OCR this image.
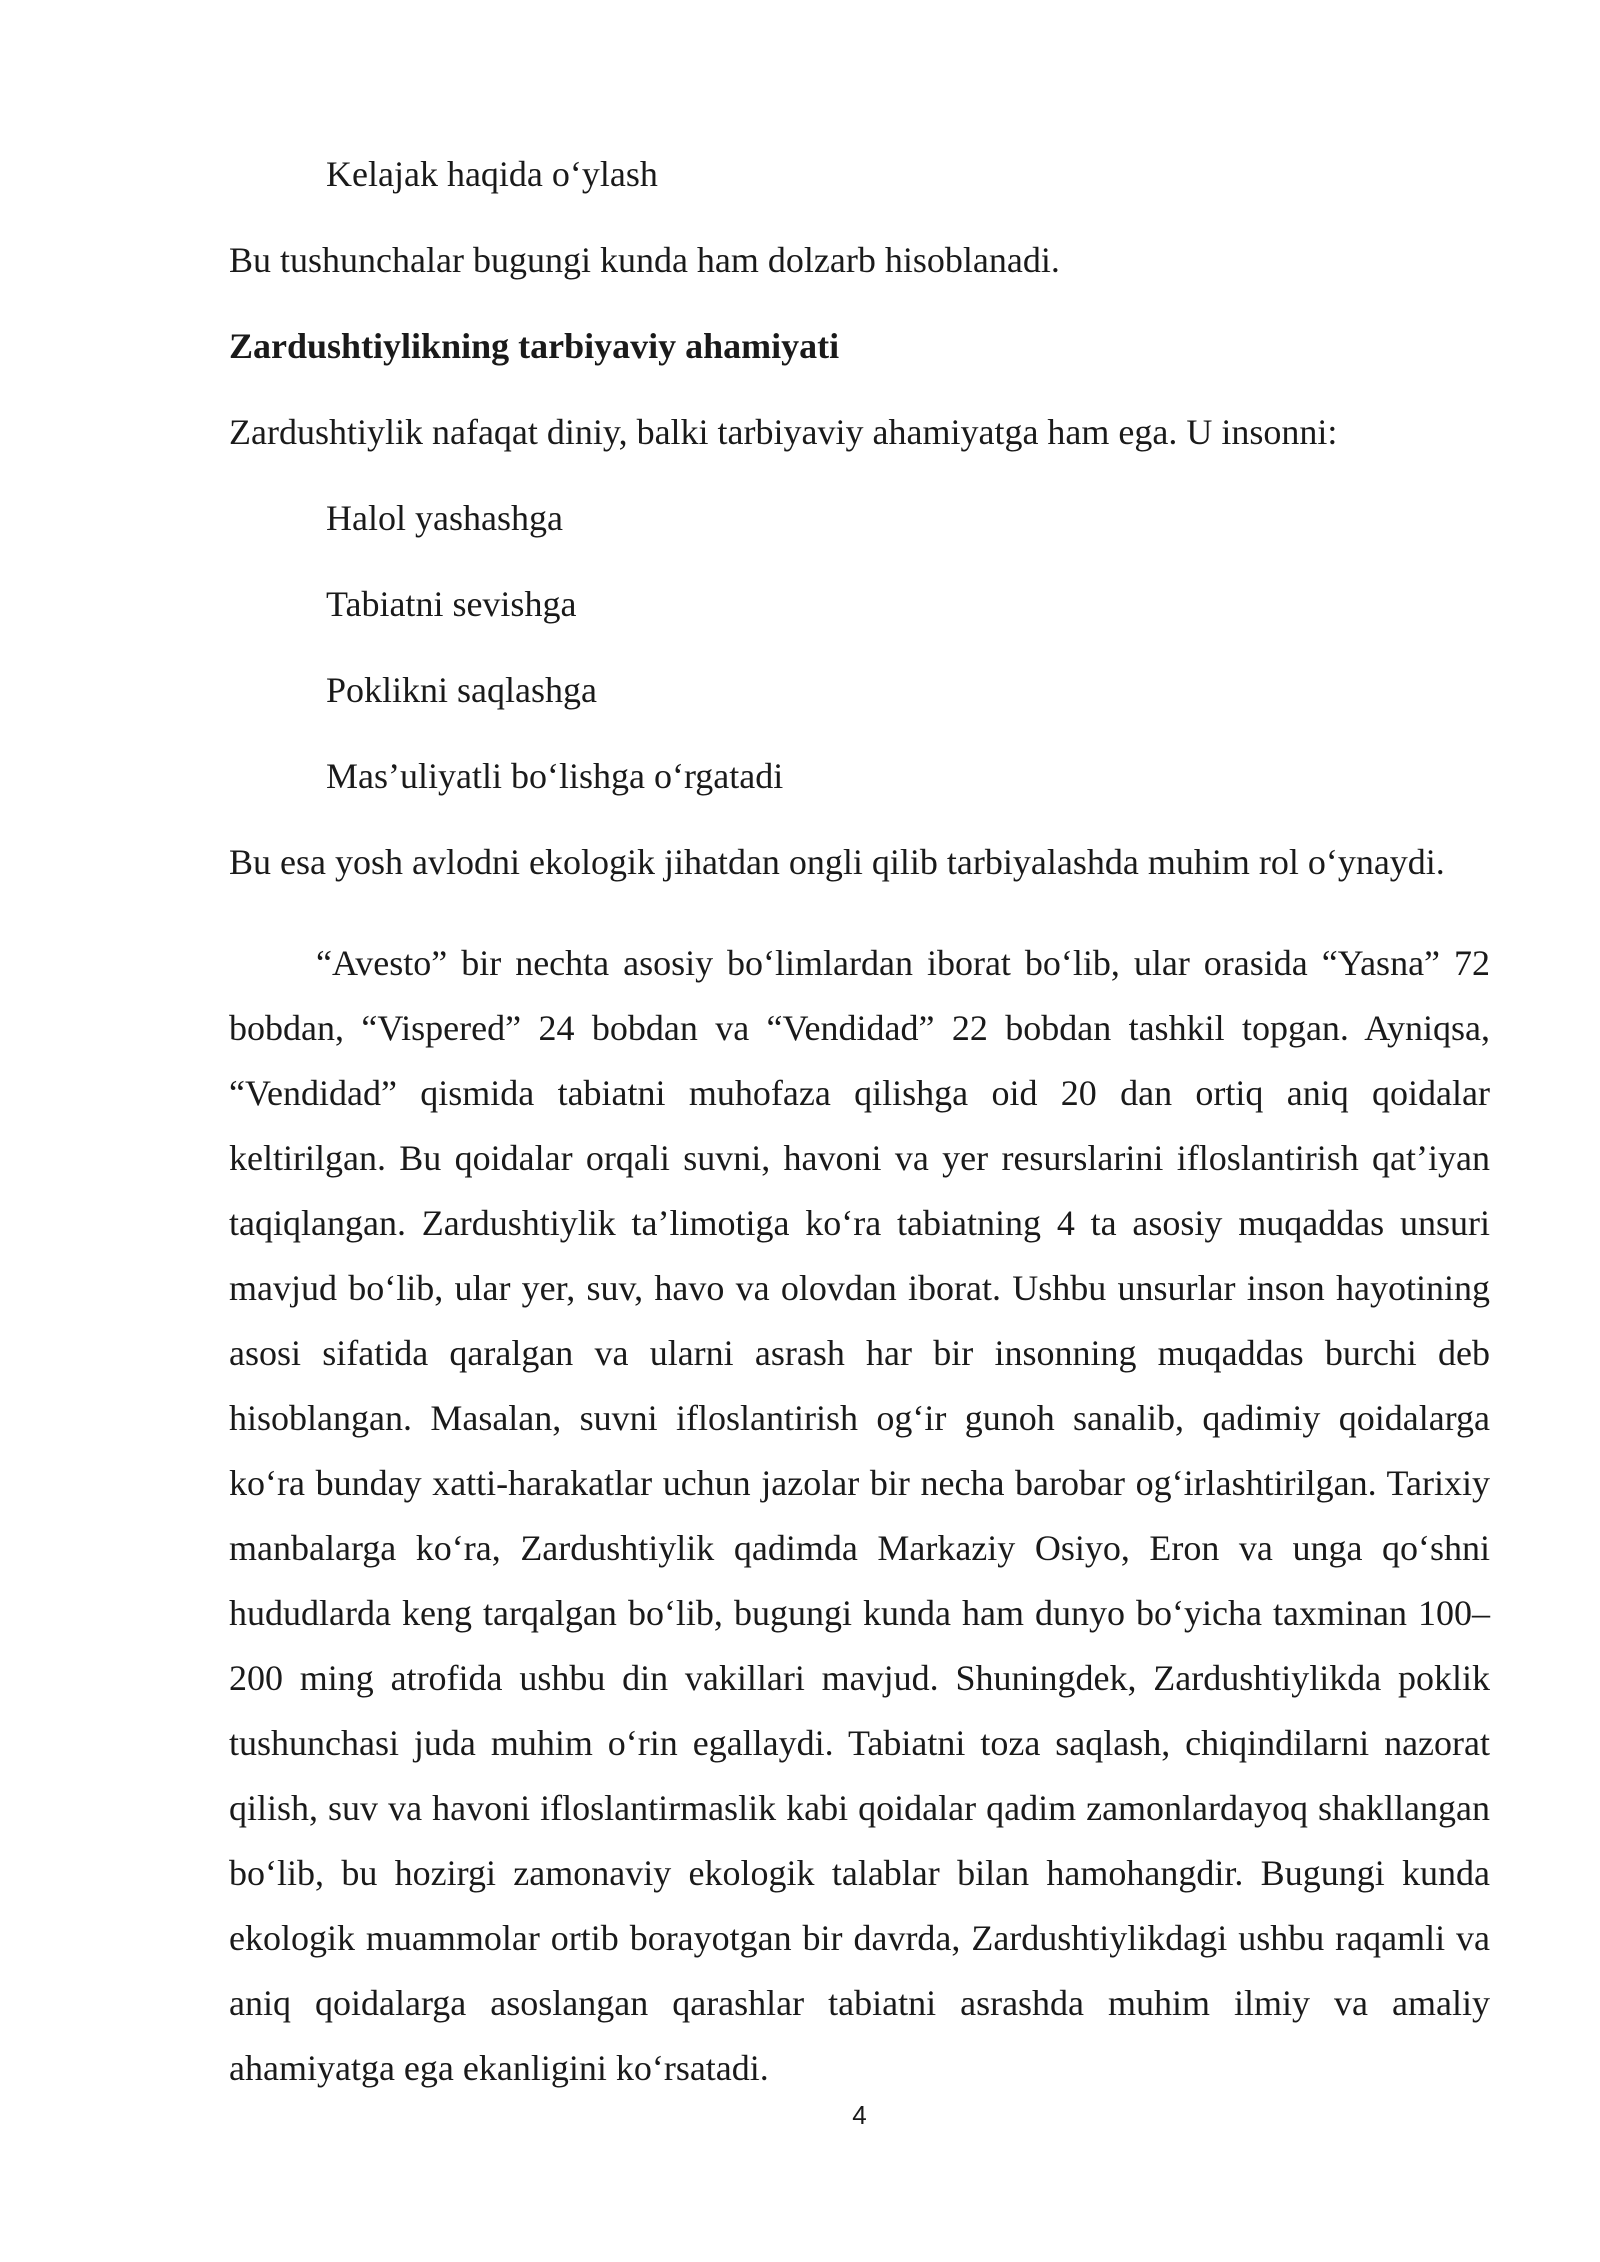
Kelajak haqida o‘ylash
Bu tushunchalar bugungi kunda ham dolzarb hisoblanadi.
Zardushtiylikning tarbiyaviy ahamiyati
Zardushtiylik nafaqat diniy, balki tarbiyaviy ahamiyatga ham ega. U insonni:
Halol yashashga
Tabiatni sevishga
Poklikni saqlashga
Mas’uliyatli bo‘lishga o‘rgatadi
Bu esa yosh avlodni ekologik jihatdan ongli qilib tarbiyalashda muhim rol o‘ynaydi.

“Avesto” bir nechta asosiy bo‘limlardan iborat bo‘lib, ular orasida “Yasna” 72 bobdan, “Vispered” 24 bobdan va “Vendidad” 22 bobdan tashkil topgan. Ayniqsa, “Vendidad” qismida tabiatni muhofaza qilishga oid 20 dan ortiq aniq qoidalar keltirilgan. Bu qoidalar orqali suvni, havoni va yer resurslarini ifloslantirish qat’iyan taqiqlangan. Zardushtiylik ta’limotiga ko‘ra tabiatning 4 ta asosiy muqaddas unsuri mavjud bo‘lib, ular yer, suv, havo va olovdan iborat. Ushbu unsurlar inson hayotining asosi sifatida qaralgan va ularni asrash har bir insonning muqaddas burchi deb hisoblangan. Masalan, suvni ifloslantirish og‘ir gunoh sanalib, qadimiy qoidalarga ko‘ra bunday xatti-harakatlar uchun jazolar bir necha barobar og‘irlashtirilgan. Tarixiy manbalarga ko‘ra, Zardushtiylik qadimda Markaziy Osiyo, Eron va unga qo‘shni hududlarda keng tarqalgan bo‘lib, bugungi kunda ham dunyo bo‘yicha taxminan 100–200 ming atrofida ushbu din vakillari mavjud. Shuningdek, Zardushtiylikda poklik tushunchasi juda muhim o‘rin egallaydi. Tabiatni toza saqlash, chiqindilarni nazorat qilish, suv va havoni ifloslantirmaslik kabi qoidalar qadim zamonlardayoq shakllangan bo‘lib, bu hozirgi zamonaviy ekologik talablar bilan hamohangdir. Bugungi kunda ekologik muammolar ortib borayotgan bir davrda, Zardushtiylikdagi ushbu raqamli va aniq qoidalarga asoslangan qarashlar tabiatni asrashda muhim ilmiy va amaliy ahamiyatga ega ekanligini ko‘rsatadi.

4
